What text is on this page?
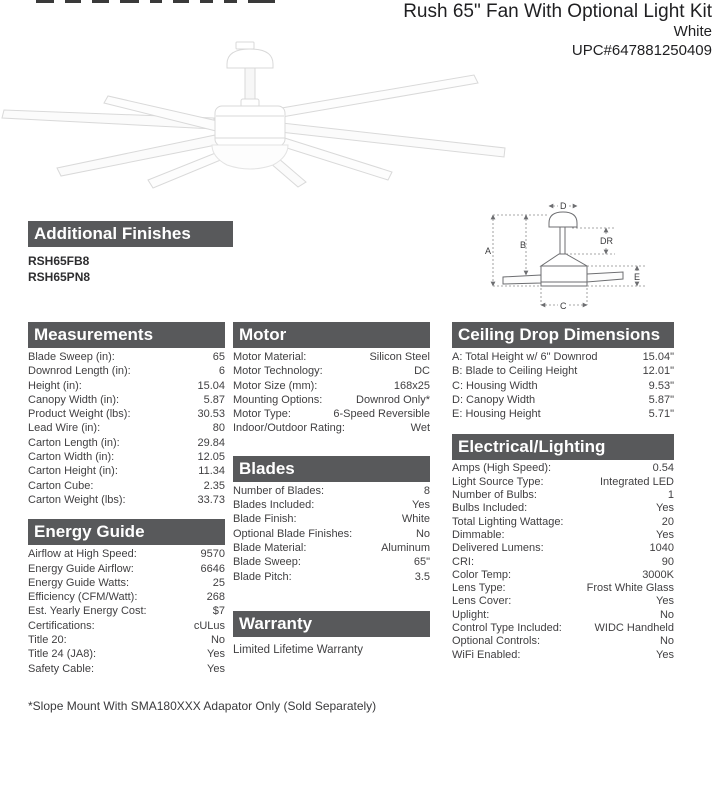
Rush 65" Fan With Optional Light Kit
White
UPC#647881250409
Additional Finishes
RSH65FB8
RSH65PN8
A
B
C
D
E
DR
Measurements
Blade Sweep (in):	65
Downrod Length (in):	6
Height (in):	15.04
Canopy Width (in):	5.87
Product Weight (lbs):	30.53
Lead Wire (in):	80
Carton Length (in):	29.84
Carton Width (in):	12.05
Carton Height (in):	11.34
Carton Cube:	2.35
Carton Weight (lbs):	33.73
Energy Guide
Airflow at High Speed:	9570
Energy Guide Airflow:	6646
Energy Guide Watts:	25
Efficiency (CFM/Watt):	268
Est. Yearly Energy Cost:	$7
Certifications:	cULus
Title 20:	No
Title 24 (JA8):	Yes
Safety Cable:	Yes
Motor
Motor Material:	Silicon Steel
Motor Technology:	DC
Motor Size (mm):	168x25
Mounting Options:	Downrod Only*
Motor Type:	6-Speed Reversible
Indoor/Outdoor Rating:	Wet
Blades
Number of Blades:	8
Blades Included:	Yes
Blade Finish:	White
Optional Blade Finishes:	No
Blade Material:	Aluminum
Blade Sweep:	65"
Blade Pitch:	3.5
Warranty
Limited Lifetime Warranty
Ceiling Drop Dimensions
A: Total Height w/ 6" Downrod	15.04"
B: Blade to Ceiling Height	12.01"
C: Housing Width	9.53"
D: Canopy Width	5.87"
E: Housing Height	5.71"
Electrical/Lighting
Amps (High Speed):	0.54
Light Source Type:	Integrated LED
Number of Bulbs:	1
Bulbs Included:	Yes
Total Lighting Wattage:	20
Dimmable:	Yes
Delivered Lumens:	1040
CRI:	90
Color Temp:	3000K
Lens Type:	Frost White Glass
Lens Cover:	Yes
Uplight:	No
Control Type Included:	WIDC Handheld
Optional Controls:	No
WiFi Enabled:	Yes
*Slope Mount With SMA180XXX Adapator Only (Sold Separately)
